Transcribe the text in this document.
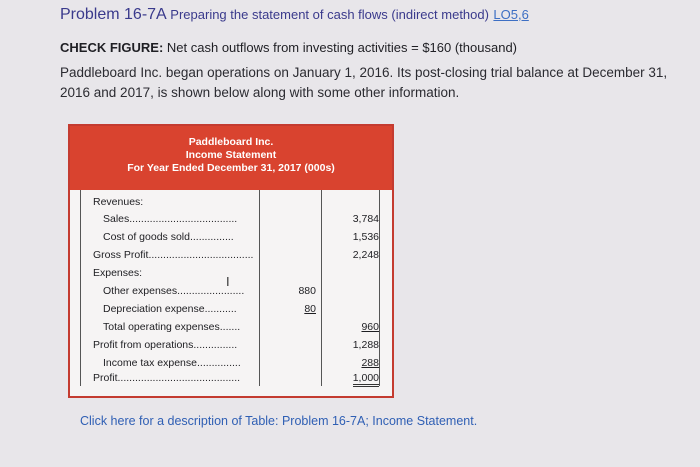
Problem 16-7A Preparing the statement of cash flows (indirect method) LO5,6
CHECK FIGURE: Net cash outflows from investing activities = $160 (thousand)
Paddleboard Inc. began operations on January 1, 2016. Its post-closing trial balance at December 31, 2016 and 2017, is shown below along with some other information.
Paddleboard Inc.
Income Statement
For Year Ended December 31, 2017 (000s)
Revenues:
Sales.....................................	3,784
Cost of goods sold...............	1,536
Gross Profit....................................	2,248
Expenses:
Other expenses.......................	880
Depreciation expense...........	80
Total operating expenses.......	960
Profit from operations...............	1,288
Income tax expense...............	288
Profit..........................................	1,000
I
Click here for a description of Table: Problem 16-7A; Income Statement.
